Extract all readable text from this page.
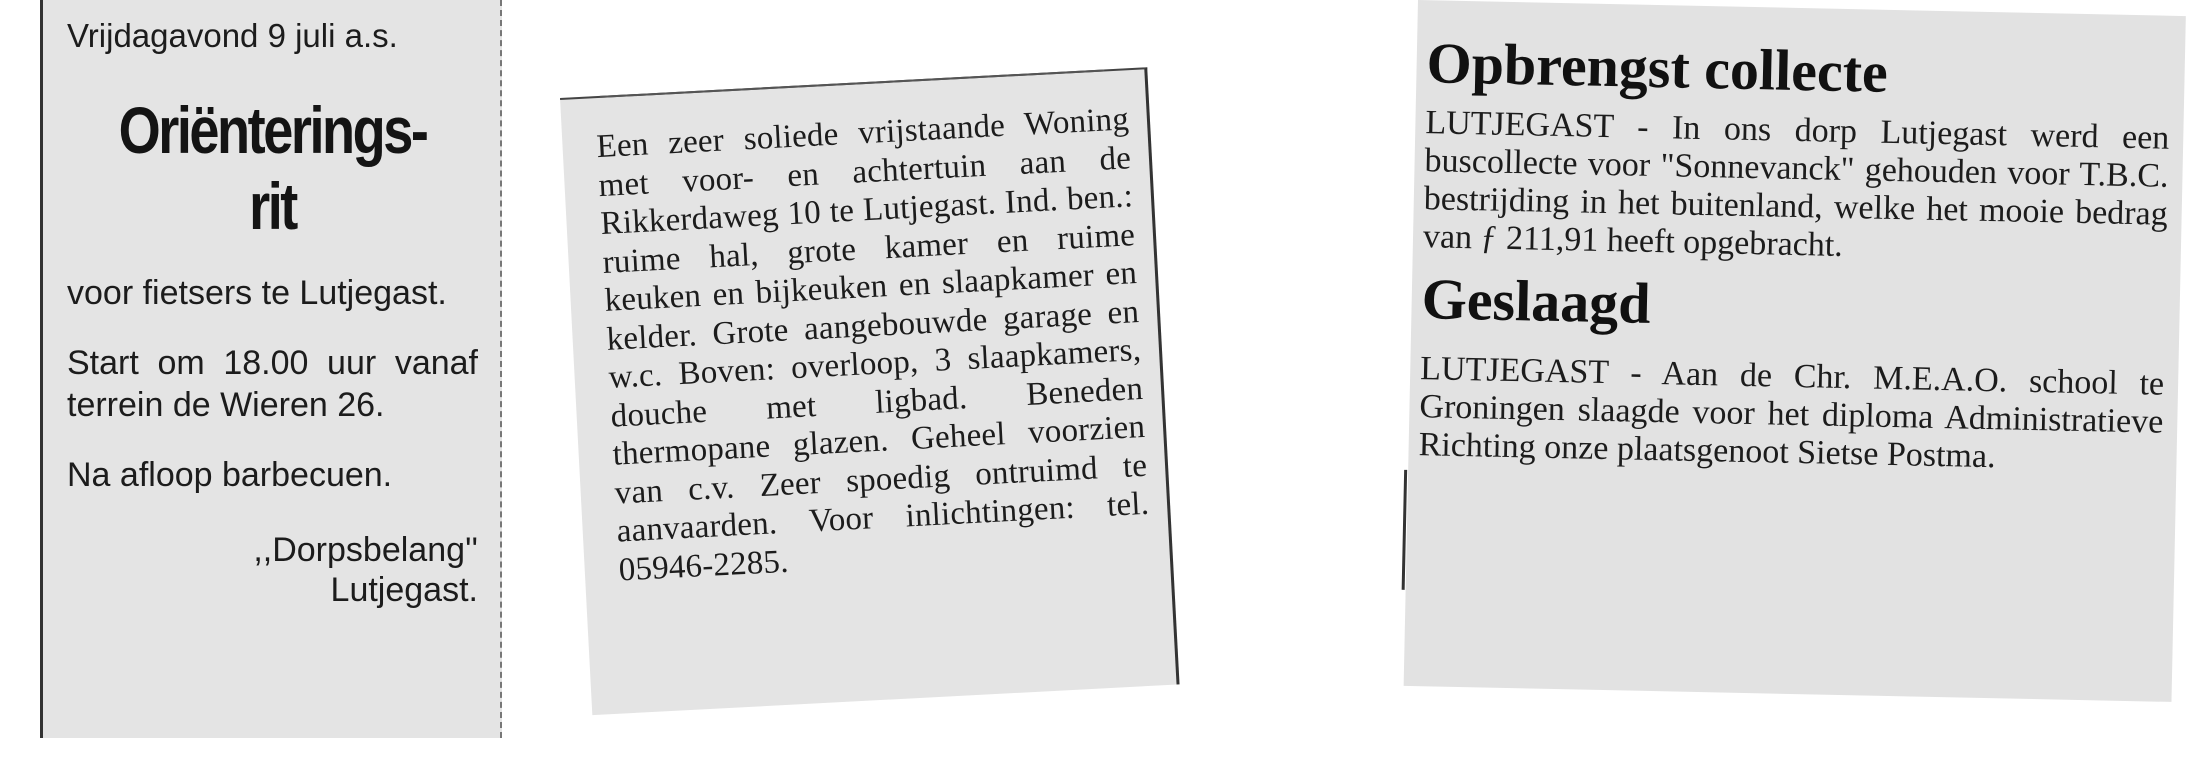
Vrijdagavond 9 juli a.s.
Oriënterings-
rit

voor fietsers te Lutjegast.

Start om 18.00 uur vanaf terrein de Wieren 26.

Na afloop barbecuen.

,,Dorpsbelang''
Lutjegast.

Een zeer soliede vrijstaande Woning met voor- en achtertuin aan de Rikkerdaweg 10 te Lutjegast. Ind. ben.: ruime hal, grote kamer en ruime keuken en bijkeuken en slaapkamer en kelder. Grote aangebouwde garage en w.c. Boven: overloop, 3 slaapkamers, douche met ligbad. Beneden thermopane glazen. Geheel voorzien van c.v. Zeer spoedig ontruimd te aanvaarden. Voor inlichtingen: tel. 05946-2285.

Opbrengst collecte

LUTJEGAST - In ons dorp Lutjegast werd een buscollecte voor "Sonnevanck" gehouden voor T.B.C. bestrijding in het buitenland, welke het mooie bedrag van ƒ 211,91 heeft opgebracht.

Geslaagd

LUTJEGAST - Aan de Chr. M.E.A.O. school te Groningen slaagde voor het diploma Administratieve Richting onze plaatsgenoot Sietse Postma.
